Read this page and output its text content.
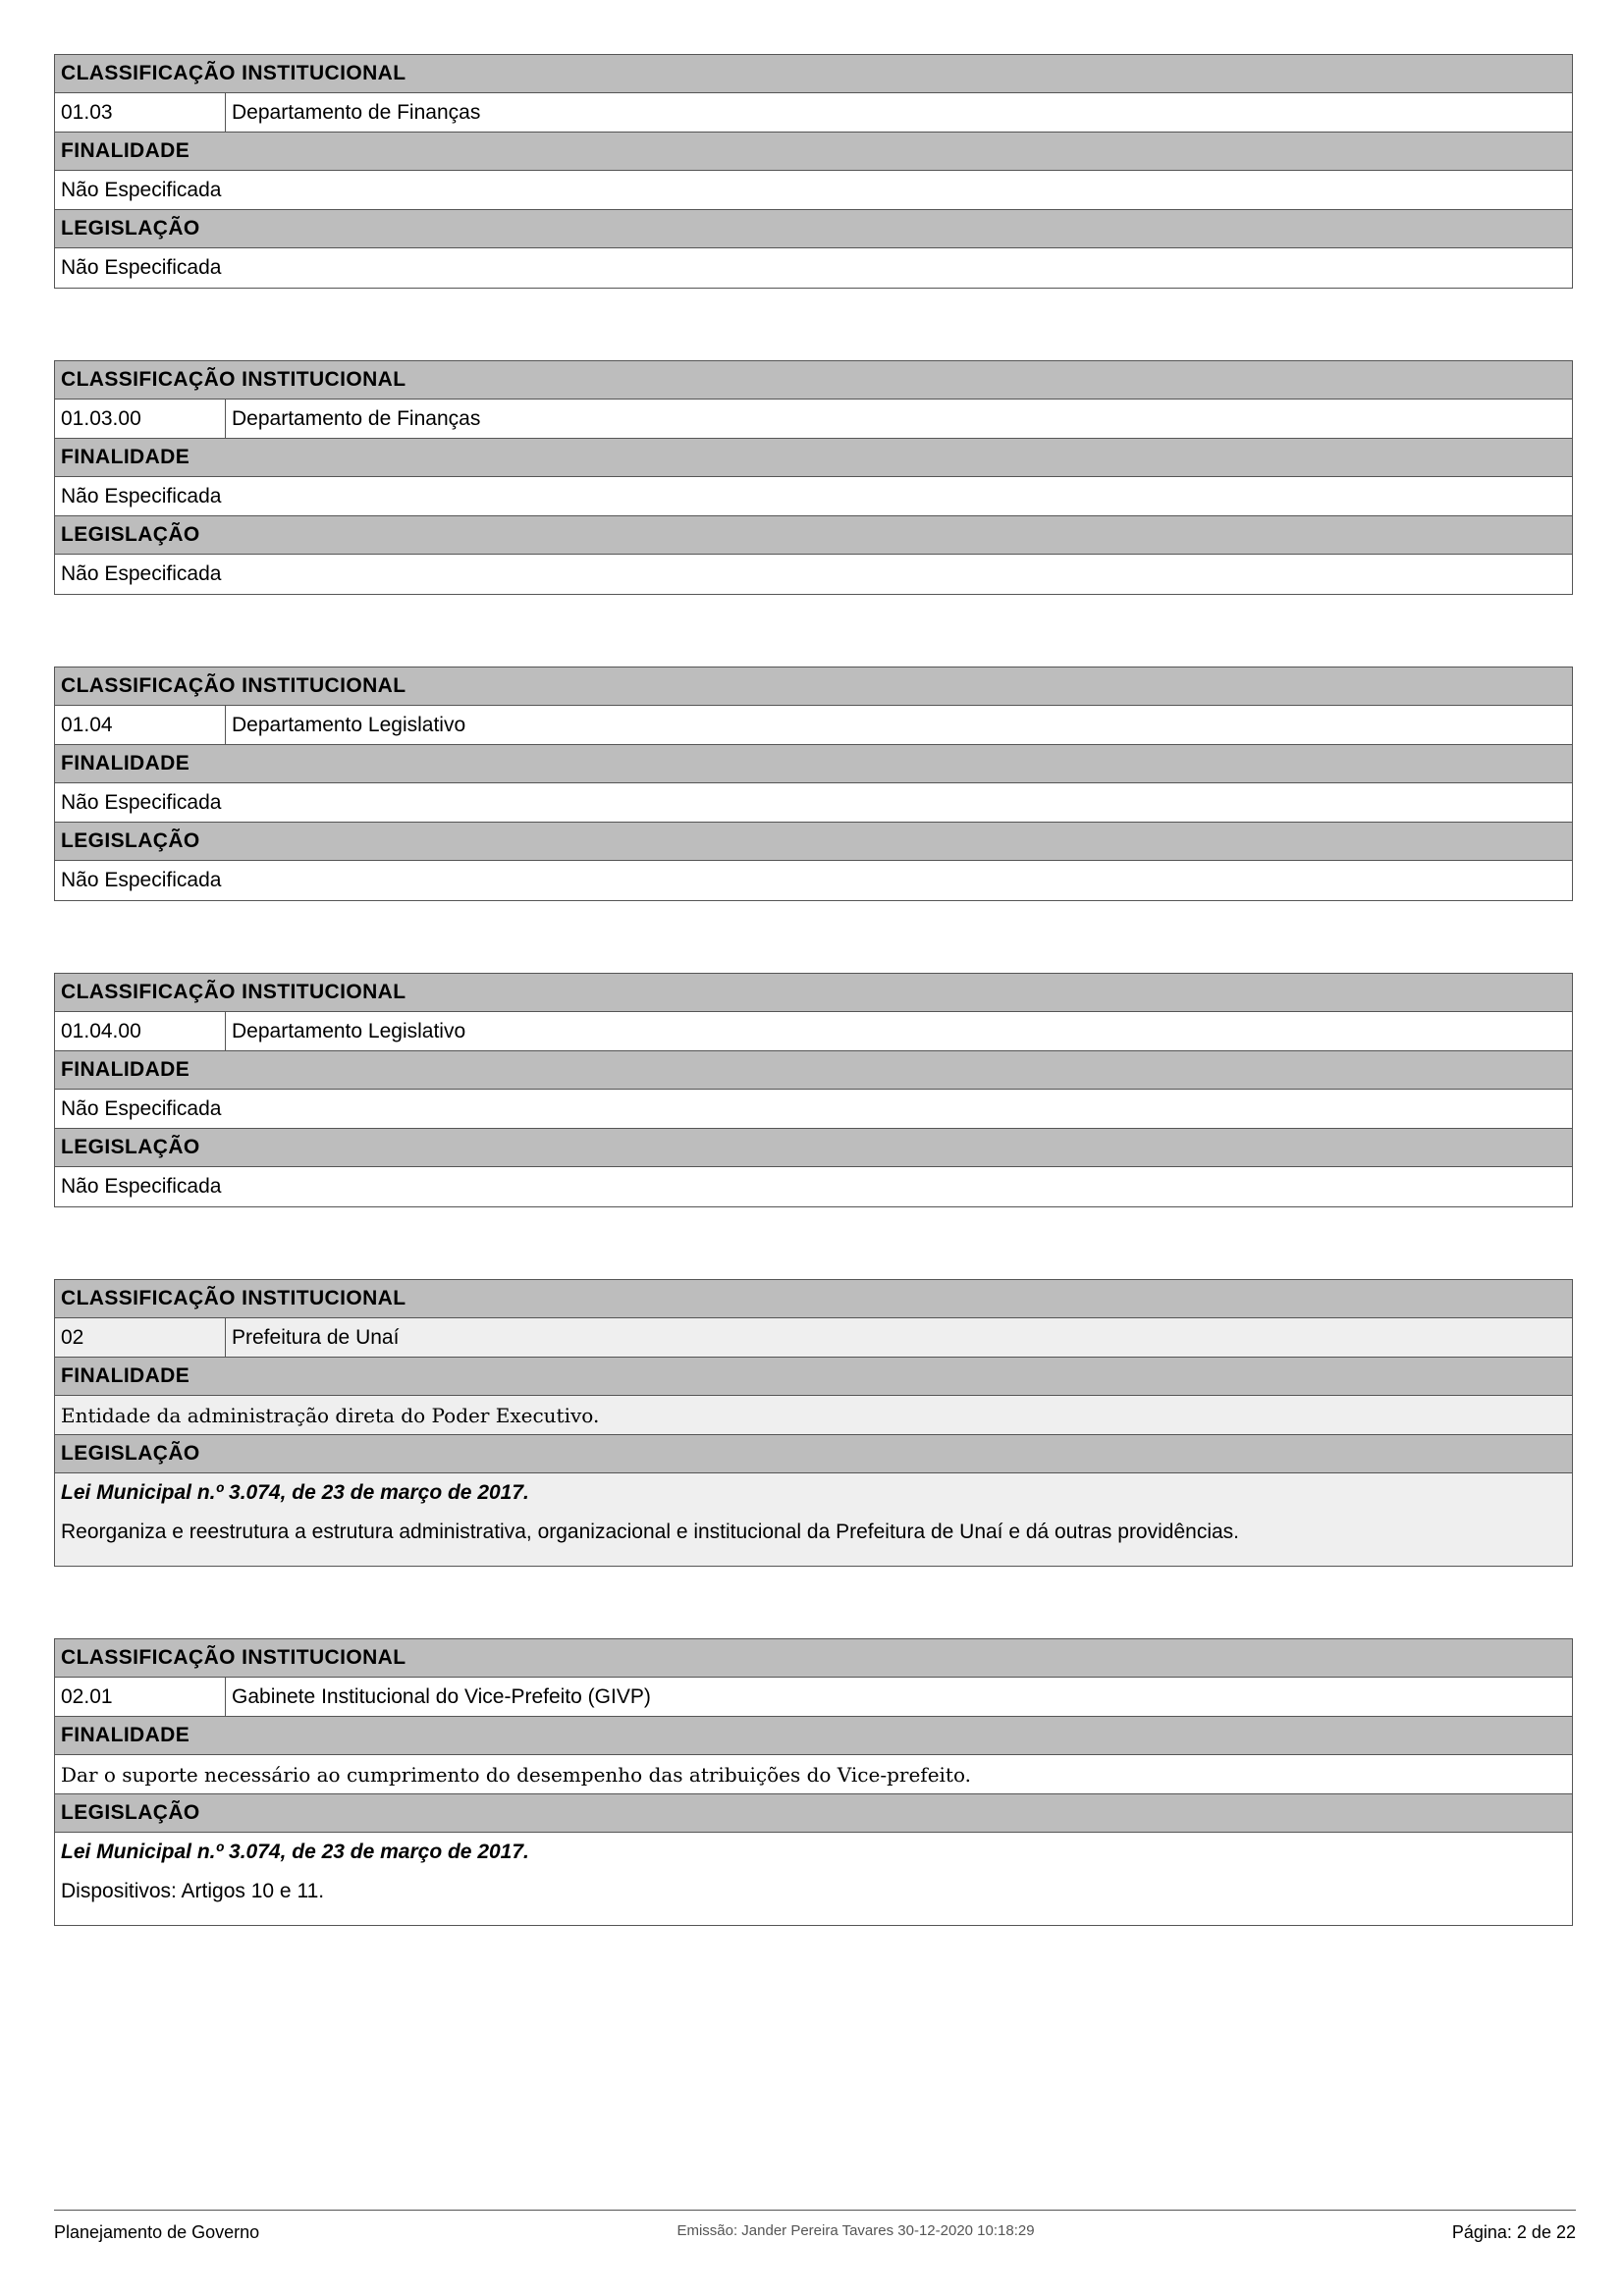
CLASSIFICAÇÃO INSTITUCIONAL
01.03	Departamento de Finanças
FINALIDADE
Não Especificada
LEGISLAÇÃO
Não Especificada
CLASSIFICAÇÃO INSTITUCIONAL
01.03.00	Departamento de Finanças
FINALIDADE
Não Especificada
LEGISLAÇÃO
Não Especificada
CLASSIFICAÇÃO INSTITUCIONAL
01.04	Departamento Legislativo
FINALIDADE
Não Especificada
LEGISLAÇÃO
Não Especificada
CLASSIFICAÇÃO INSTITUCIONAL
01.04.00	Departamento Legislativo
FINALIDADE
Não Especificada
LEGISLAÇÃO
Não Especificada
CLASSIFICAÇÃO INSTITUCIONAL
02	Prefeitura de Unaí
FINALIDADE
Entidade da administração direta do Poder Executivo.
LEGISLAÇÃO
Lei Municipal n.º 3.074, de 23 de março de 2017.
Reorganiza e reestrutura a estrutura administrativa, organizacional e institucional da Prefeitura de Unaí e dá outras providências.
CLASSIFICAÇÃO INSTITUCIONAL
02.01	Gabinete Institucional do Vice-Prefeito (GIVP)
FINALIDADE
Dar o suporte necessário ao cumprimento do desempenho das atribuições do Vice-prefeito.
LEGISLAÇÃO
Lei Municipal n.º 3.074, de 23 de março de 2017.
Dispositivos: Artigos 10 e 11.
Planejamento de Governo	Emissão: Jander Pereira Tavares 30-12-2020 10:18:29	Página: 2 de 22
